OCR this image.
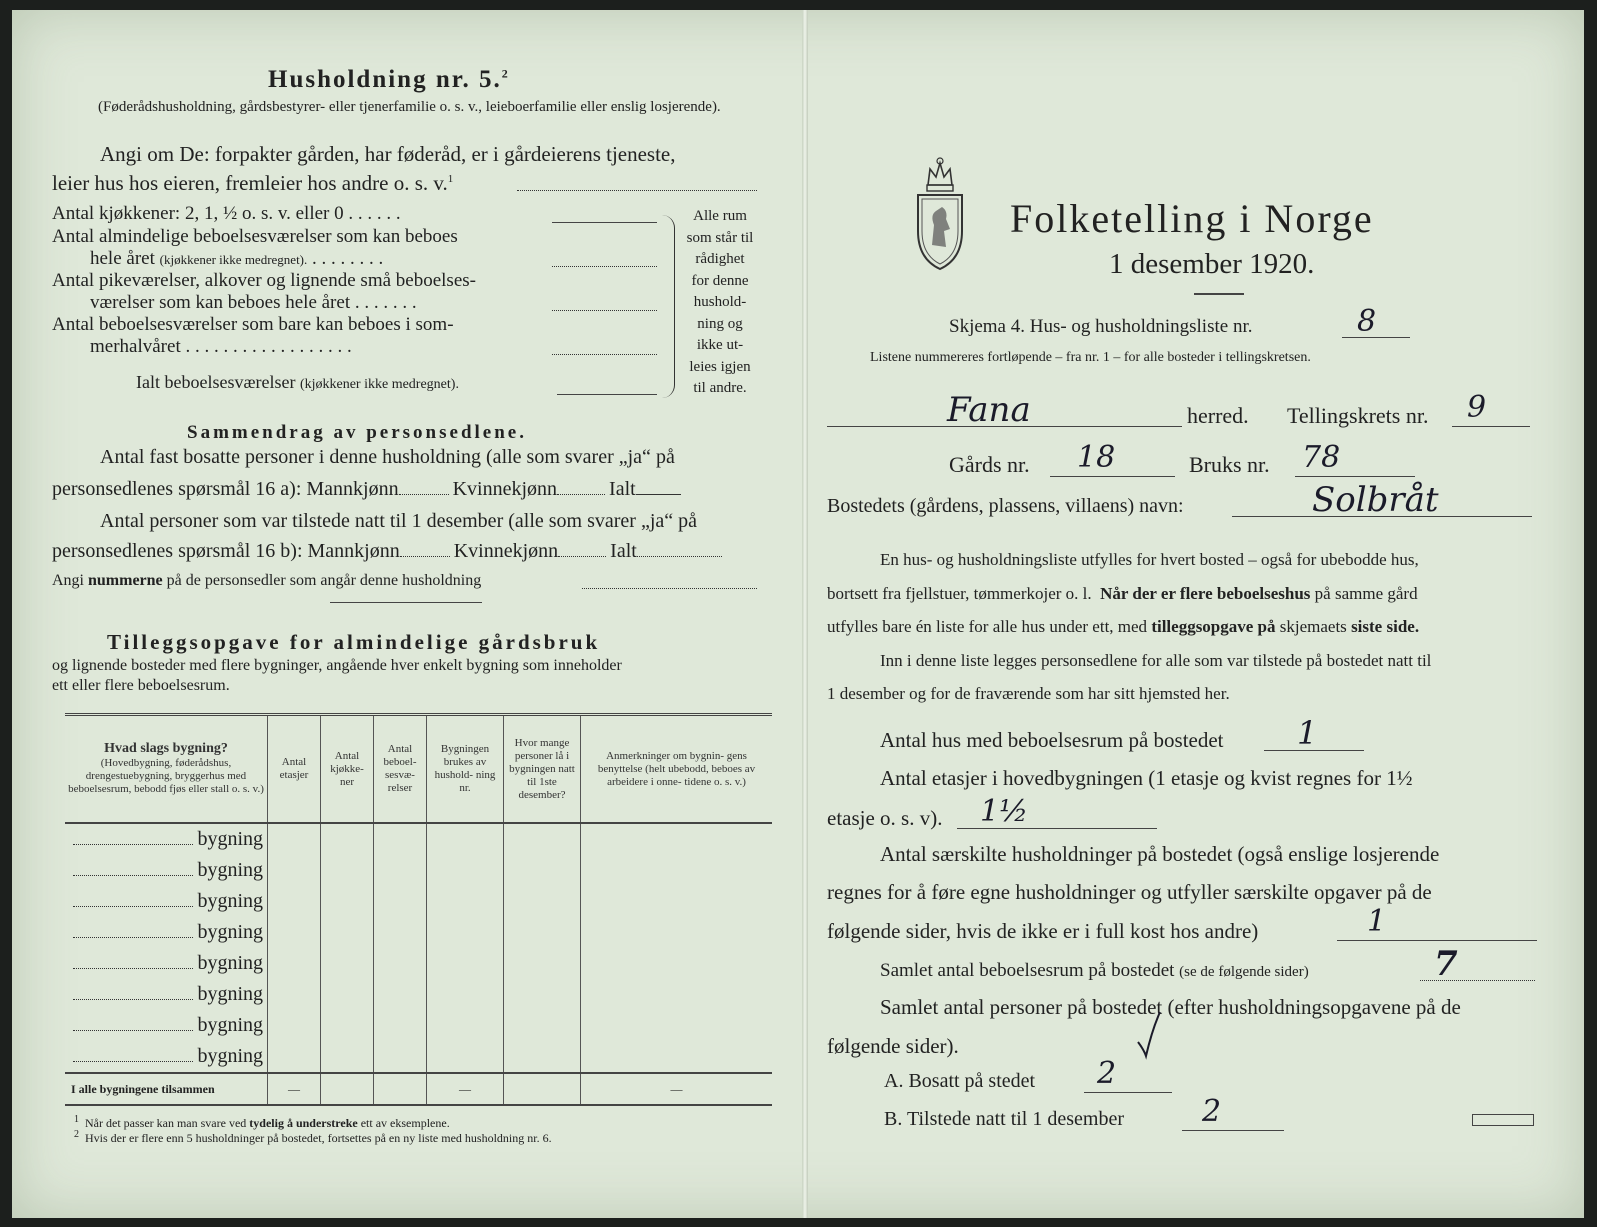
Husholdning nr. 5.$^2$
(Føderådshusholdning, gårdsbestyrer- eller tjenerfamilie o. s. v., leieboerfamilie eller enslig losjerende).
Angi om De: forpakter gården, har føderåd, er i gårdeierens tjeneste,
leier hus hos eieren, fremleier hos andre o. s. v.$^1$
Antal kjøkkener: 2, 1, ½ o. s. v. eller 0 . . . . . .
Antal almindelige beboelsesværelser som kan beboes
hele året (kjøkkener ikke medregnet). . . . . . . . .
Antal pikeværelser, alkover og lignende små beboelses-
værelser som kan beboes hele året . . . . . . .
Antal beboelsesværelser som bare kan beboes i som-
merhalvåret . . . . . . . . . . . . . . . . . .
Ialt beboelsesværelser (kjøkkener ikke medregnet).
Alle rum
som står til
rådighet
for denne
hushold-
ning og
ikke ut-
leies igjen
til andre.
Sammendrag av personsedlene.
Antal fast bosatte personer i denne husholdning (alle som svarer „ja“ på
personsedlenes spørsmål 16 a): Mannkjønn	Kvinnekjønn	Ialt
Antal personer som var tilstede natt til 1 desember (alle som svarer „ja“ på
personsedlenes spørsmål 16 b): Mannkjønn	Kvinnekjønn	Ialt
Angi nummerne på de personsedler som angår denne husholdning
Tilleggsopgave for almindelige gårdsbruk
og lignende bosteder med flere bygninger, angående hver enkelt bygning som inneholder
ett eller flere beboelsesrum.
Hvad slags bygning?
(Hovedbygning, føderådshus, drengestuebygning, bryggerhus med beboelsesrum, bebodd fjøs eller stall o. s. v.)	Antal etasjer	Antal kjøkke- ner	Antal beboel- sesvæ- relser	Bygningen brukes av hushold- ning nr.	Hvor mange personer lå i bygningen natt til 1ste desember?	Anmerkninger om bygnin- gens benyttelse (helt ubebodd, beboes av arbeidere i onne- tidene o. s. v.)
bygning						
bygning						
bygning						
bygning						
bygning						
bygning						
bygning						
bygning						
I alle bygningene tilsammen	—			—		—
$^1$ Når det passer kan man svare ved tydelig å understreke ett av eksemplene.
$^2$ Hvis der er flere enn 5 husholdninger på bostedet, fortsettes på en ny liste med husholdning nr. 6.
Folketelling i Norge
1 desember 1920.
Skjema 4. Hus- og husholdningsliste nr.	8
Listene nummereres fortløpende – fra nr. 1 – for alle bosteder i tellingskretsen.
Fana	herred. Tellingskrets nr. 9
Gårds nr. 18	Bruks nr. 78
Bostedets (gårdens, plassens, villaens) navn:	Solbråt
En hus- og husholdningsliste utfylles for hvert bosted – også for ubebodde hus,
bortsett fra fjellstuer, tømmerkojer o. l. Når der er flere beboelseshus på samme gård
utfylles bare én liste for alle hus under ett, med tilleggsopgave på skjemaets siste side.
Inn i denne liste legges personsedlene for alle som var tilstede på bostedet natt til
1 desember og for de fraværende som har sitt hjemsted her.
Antal hus med beboelsesrum på bostedet 1
Antal etasjer i hovedbygningen (1 etasje og kvist regnes for 1½
etasje o. s. v). 1½
Antal særskilte husholdninger på bostedet (også enslige losjerende
regnes for å føre egne husholdninger og utfyller særskilte opgaver på de
følgende sider, hvis de ikke er i full kost hos andre)	1
Samlet antal beboelsesrum på bostedet (se de følgende sider)	7
Samlet antal personer på bostedet (efter husholdningsopgavene på de
følgende sider).
A. Bosatt på stedet 2
B. Tilstede natt til 1 desember	2
